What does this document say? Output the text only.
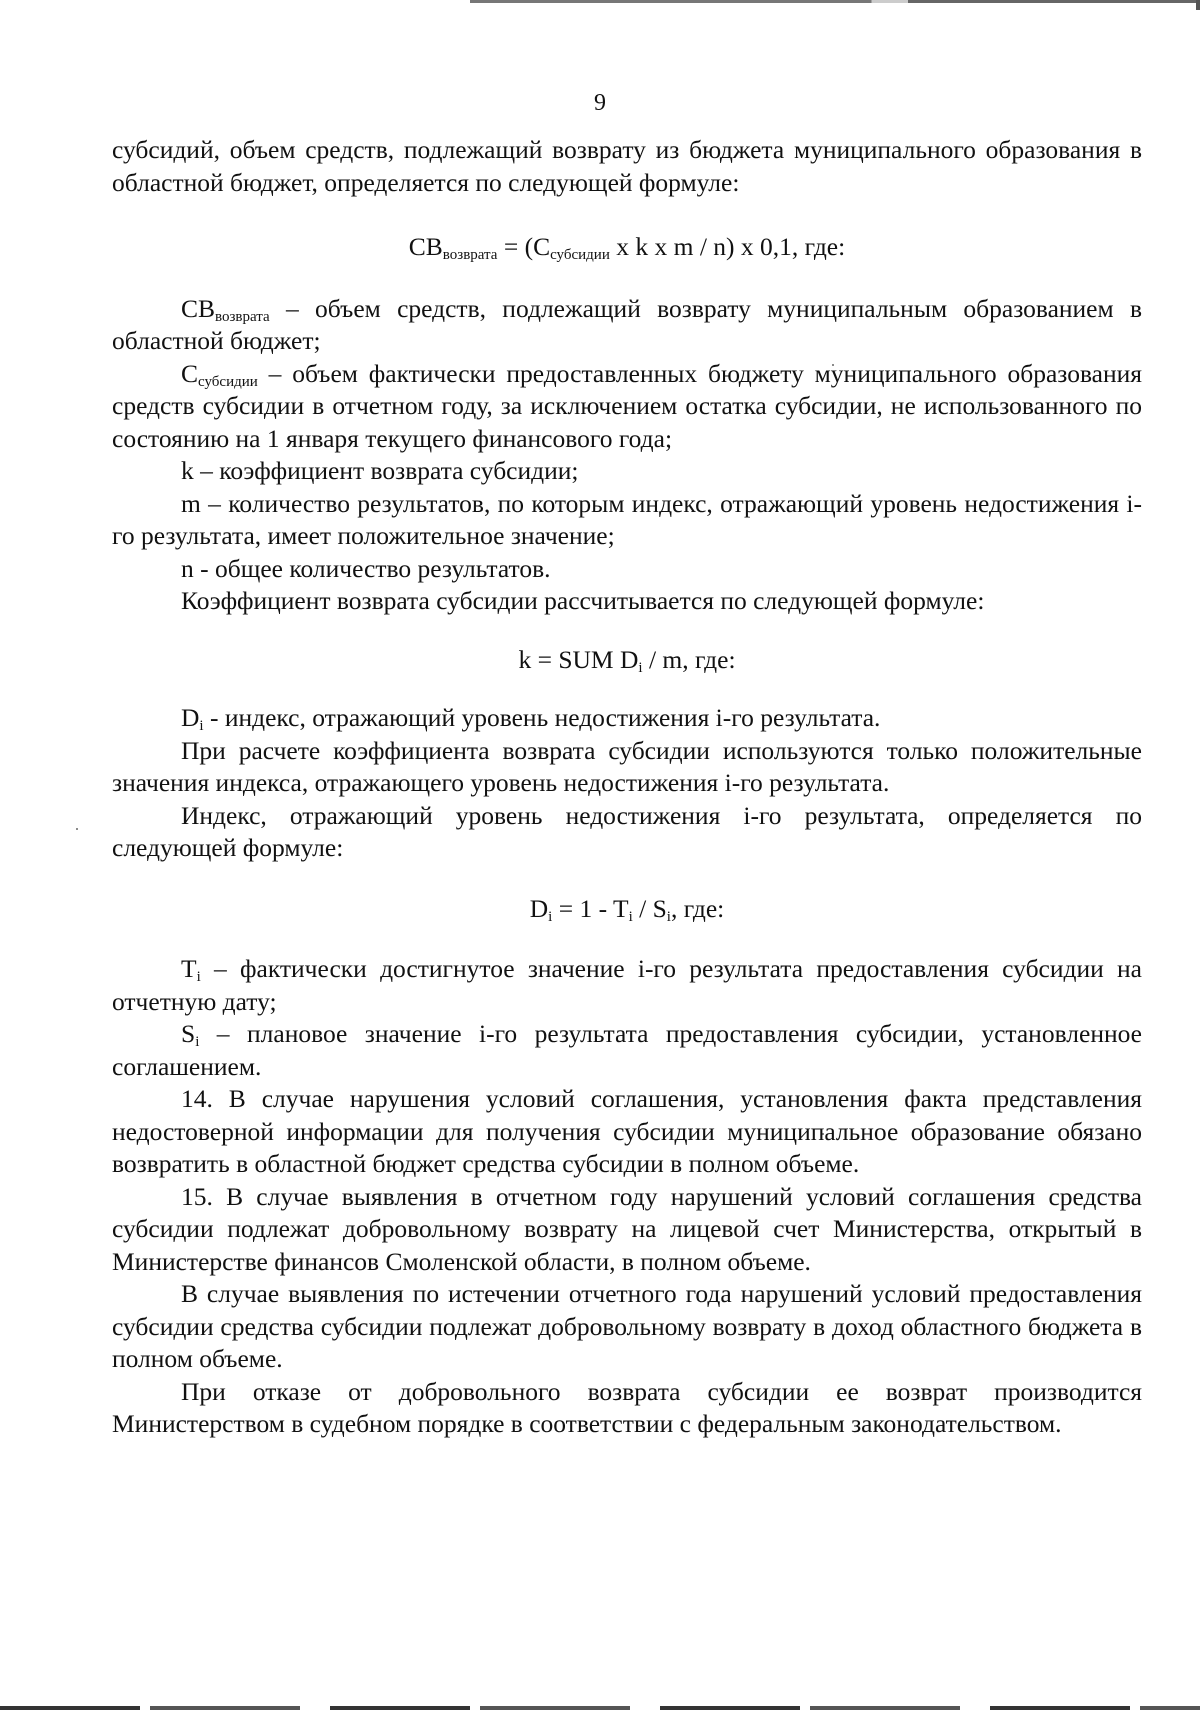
9

субсидий, объем средств, подлежащий возврату из бюджета муниципального образования в областной бюджет, определяется по следующей формуле:

$CB_{возврата} = (C_{субсидии}$ x k x m / n) x 0,1, где:

$CB_{возврата}$ – объем средств, подлежащий возврату муниципальным образованием в областной бюджет;

$C_{субсидии}$ – объем фактически предоставленных бюджету муниципального образования средств субсидии в отчетном году, за исключением остатка субсидии, не использованного по состоянию на 1 января текущего финансового года;

k – коэффициент возврата субсидии;

m – количество результатов, по которым индекс, отражающий уровень недостижения i-го результата, имеет положительное значение;

n - общее количество результатов.

Коэффициент возврата субсидии рассчитывается по следующей формуле:

k = SUM $D_i$ / m, где:

$D_i$ - индекс, отражающий уровень недостижения i-го результата.

При расчете коэффициента возврата субсидии используются только положительные значения индекса, отражающего уровень недостижения i-го результата.

Индекс, отражающий уровень недостижения i-го результата, определяется по следующей формуле:

$D_i = 1 - T_i / S_i$, где:

$T_i$ – фактически достигнутое значение i-го результата предоставления субсидии на отчетную дату;

$S_i$ – плановое значение i-го результата предоставления субсидии, установленное соглашением.

14. В случае нарушения условий соглашения, установления факта представления недостоверной информации для получения субсидии муниципальное образование обязано возвратить в областной бюджет средства субсидии в полном объеме.

15. В случае выявления в отчетном году нарушений условий соглашения средства субсидии подлежат добровольному возврату на лицевой счет Министерства, открытый в Министерстве финансов Смоленской области, в полном объеме.

В случае выявления по истечении отчетного года нарушений условий предоставления субсидии средства субсидии подлежат добровольному возврату в доход областного бюджета в полном объеме.

При отказе от добровольного возврата субсидии ее возврат производится Министерством в судебном порядке в соответствии с федеральным законодательством.
